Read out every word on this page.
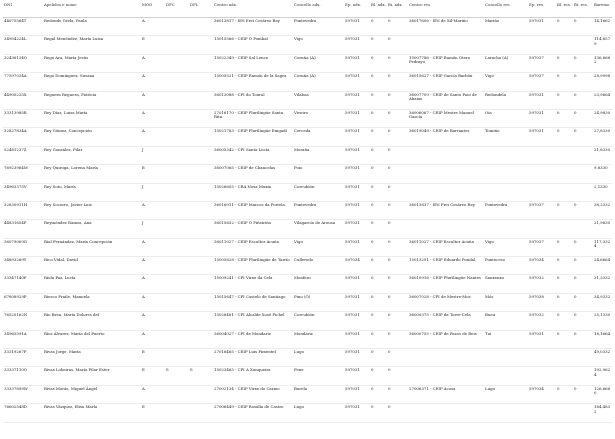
DNI	Apelidos e nome	MOD	DPC	DPL	Centro adx.	Concello adx.	Ep. adx.	Bl. adx.	Bi. adx.	Centro res.	Concello res.	Ep. res.	Bl. res.	Bi. res.	Baremo
44075564T	Redondo Grela, Paula	A			36013817 - IES Frei Cesáreo Rey	Pontevedra	597031	0	0	36017606 - IES de Xil-Mariño	Mariño	597031	0	0	14,1662
34954224L	Regal Menéndez, María Luisa	E			15015566 - CEIP O Pombal	Vigo	597031	0	0						114,8579
32436134Q	Rego Ara, María Jesús	A			15022349 - CEIP Sal Lence	Coruña (A)	597031	0	0	15007786 - CEIP Ramón Otero Pedrayo	Laracha (A)	597037	0	0	136,6662
77597024A	Rego Domínguez, Susana	A			15005521 - CEIP Ramón de la Sagra	Coruña (A)	597031	0	0	36015627 - CEIP García Barbón	Vigo	597037	0	0	28,9998
44900225X	Reguera Reguera, Patricia	A			36013088 - CPI do Toural	Vilaboa	597031	0	0	36007709 - CEIP de Santo Paio de Abaixo	Redondela	597031	0	0	23,9664
33313985R	Rey Díaz, Luisa María	A			27016170 - CEIP Plurilingüe Santa Rita	Viveiro	597031	0	0	36006067 - CEIP Mestre Manuel García	Oia	597031	0	0	24,9830
32827834A	Rey Gómez, Concepción	A			15021783 - CEIP Plurilingüe Emgadi	Cerceda	597031	0	0	36019049 - CEIP de Barrantes	Tomiño	597031	0	0	27,8330
52481237Z	Rey González, Pilar	J			36005342 - CPI Santa Lucía	Moraña	597031	0	0						21,8330
76923964M	Rey Quiroga, Lorena María	E			36007065 - CEIP de Chancelas	Poio	597031	0	0						9,8330
34963375V	Rey Soto, María	J			15026605 - CRA Nosa Muxía	Corcubión	597031	0	0						2,1330
32830911H	Rey Socorro, Javier Luis	A			36016911 - CEIP Marcos da Portela	Pontevedra	597031	0	0	36013837 - IES Frei Cesáreo Rey	Pontevedra	597037	0	0	38,2332
44831654P	Reymóndez Ramos, Ana	J			36015652 - CEIP O Piñeiriño	Vilagarcía de Arousa	597031	0	0						21,9830
36079069G	Rial Fernández, María Concepción	A			36011027 - CEIP Escultor Acuña	Vigo	597031	0	0	36011027 - CEIP Escultor Acuña	Vigo	597037	0	0	117,3324
34893269Y	Rico Vidal, David	A			15005828 - CEIP Plurilingüe de Tarrío	Culleredo	597034	0	0	15013291 - CEIP Eduardo Pondal	Ponteceso	597034	0	0	24,6664
33347140F	Riola Paz, Lucía	A			15009241 - CPI Virxe da Cela	Monfero	597031	0	0	36010916 - CEIP Plurilingüe Nantes	Sanxenxo	597032	0	0	31,3332
67808929P	Riesco Fraile, Manuela	A			15015647 - CPI Castelo de Santiago	Pino (O)	597031	0	0	36007028 - CPI de Mestre-Mos	Mós	597038	0	0	34,9332
76520162N	Río Brea, María Dolores del	A			15028481 - CPI Alcalde Xosé Pichel	Corcubión	597031	0	0	36000375 - CEIP da Torre-Cela	Bueu	597032	0	0	25,1330
34965591A	Ríos Álvarez, María del Puerto	A			36004027 - CPI de Mondariz	Mondariz	597031	0	0	36000755 - CEIP de Pazos de Reis	Tui	597031	0	0	18,1664
33319267F	Rivas Jorge, María	E			27016465 - CEIP Luís Pimentel	Lugo	597031	0	0						49,0332
33337110Q	Rivas Lobeiras, María Pilar Ester	E	S	S	15023465 - CPI A Xunqueira	Fene	597031	0	0						192,9624
33337899W	Rivas Morás, Miguel Ángel	A			27002134 - CEIP Virxe do Carmo	Burela	597031	0	0	27006371 - CEIP Acosa	Lugo	597034	0	0	126,6660
76602548D	Rivas Vázquez, Elisa María	E			27006449 - CEIP Rosalía de Castro	Lugo	597031	0	0						184,4832
